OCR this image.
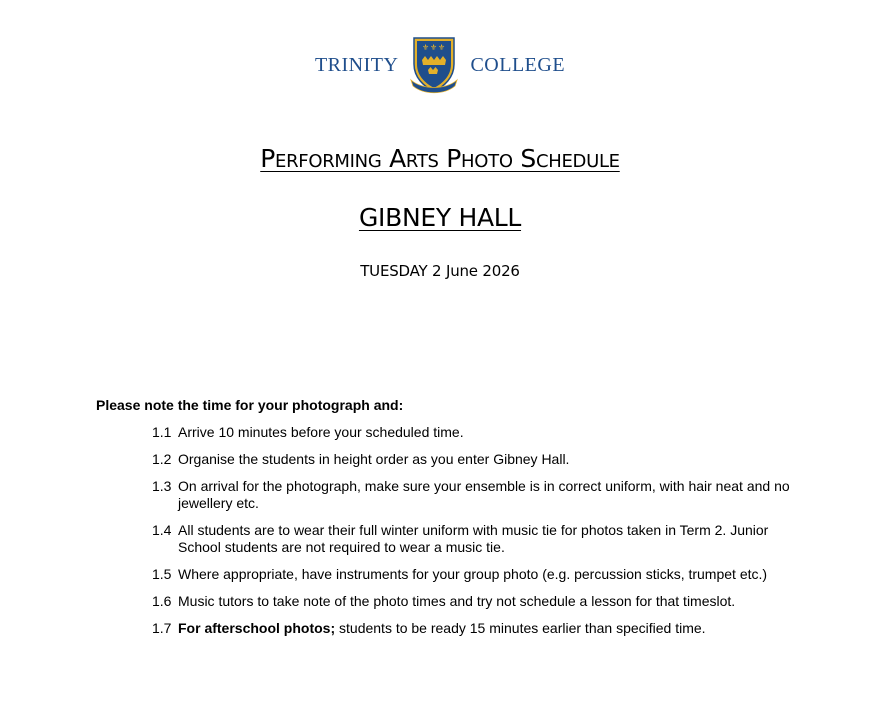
TRINITY
⚜ ⚜ ⚜
COLLEGE
Performing Arts Photo Schedule
GIBNEY HALL
TUESDAY 2 June 2026
Please note the time for your photograph and:
1.1 Arrive 10 minutes before your scheduled time.
1.2 Organise the students in height order as you enter Gibney Hall.
1.3 On arrival for the photograph, make sure your ensemble is in correct uniform, with hair neat and no jewellery etc.
1.4 All students are to wear their full winter uniform with music tie for photos taken in Term 2. Junior School students are not required to wear a music tie.
1.5 Where appropriate, have instruments for your group photo (e.g. percussion sticks, trumpet etc.)
1.6 Music tutors to take note of the photo times and try not schedule a lesson for that timeslot.
1.7 For afterschool photos; students to be ready 15 minutes earlier than specified time.
